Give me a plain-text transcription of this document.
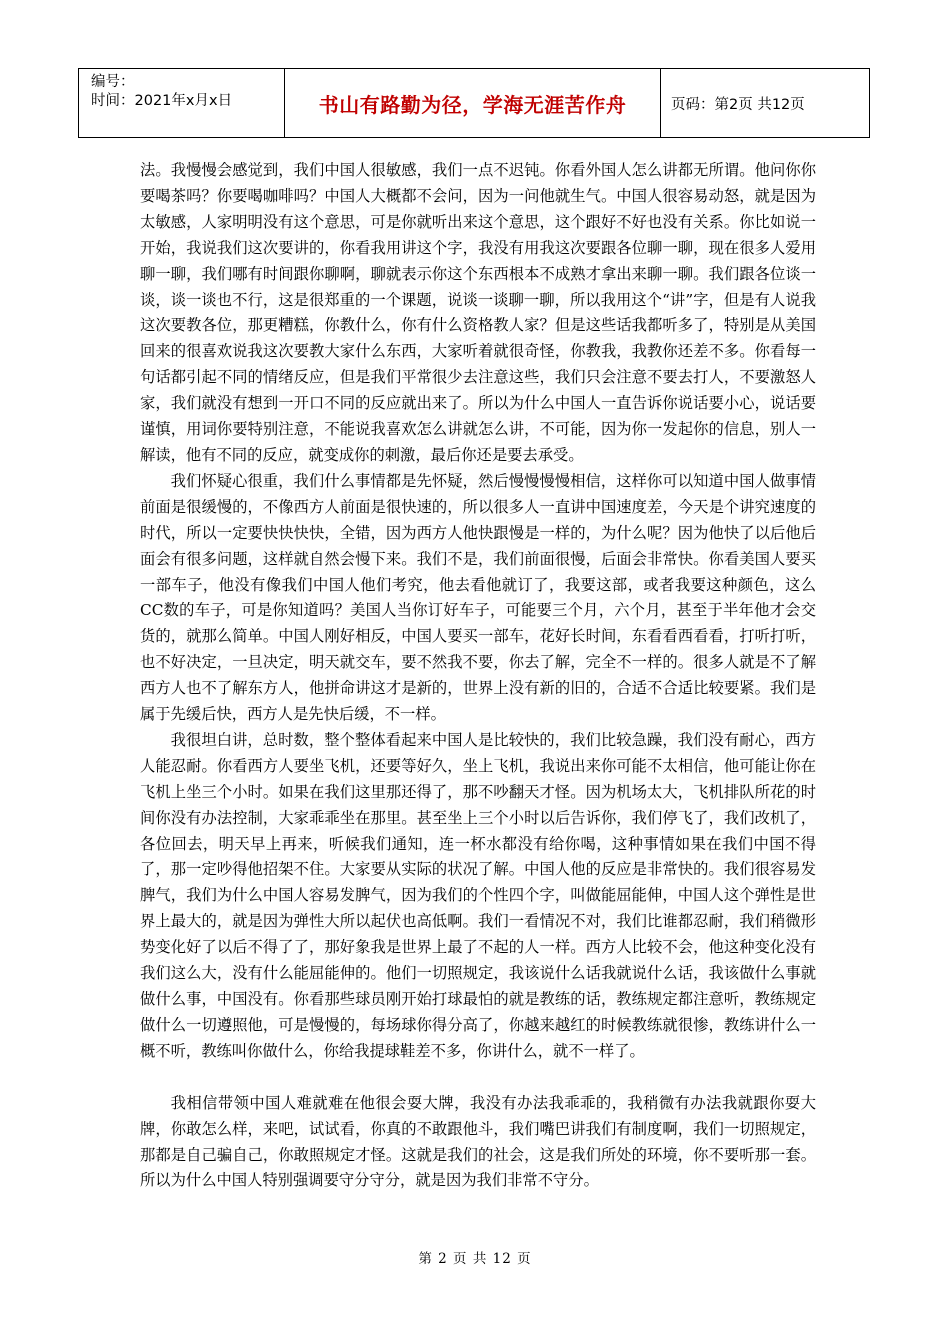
编号：
时间：2021年x月x日	书山有路勤为径，学海无涯苦作舟	页码：第2页 共12页

法。我慢慢会感觉到，我们中国人很敏感，我们一点不迟钝。你看外国人怎么讲都无所谓。他问你你要喝茶吗？你要喝咖啡吗？中国人大概都不会问，因为一问他就生气。中国人很容易动怒，就是因为太敏感，人家明明没有这个意思，可是你就听出来这个意思，这个跟好不好也没有关系。你比如说一开始，我说我们这次要讲的，你看我用讲这个字，我没有用我这次要跟各位聊一聊，现在很多人爱用聊一聊，我们哪有时间跟你聊啊，聊就表示你这个东西根本不成熟才拿出来聊一聊。我们跟各位谈一谈，谈一谈也不行，这是很郑重的一个课题，说谈一谈聊一聊，所以我用这个“讲”字，但是有人说我这次要教各位，那更糟糕，你教什么，你有什么资格教人家？但是这些话我都听多了，特别是从美国回来的很喜欢说我这次要教大家什么东西，大家听着就很奇怪，你教我，我教你还差不多。你看每一句话都引起不同的情绪反应，但是我们平常很少去注意这些，我们只会注意不要去打人，不要激怒人家，我们就没有想到一开口不同的反应就出来了。所以为什么中国人一直告诉你说话要小心，说话要谨慎，用词你要特别注意，不能说我喜欢怎么讲就怎么讲，不可能，因为你一发起你的信息，别人一解读，他有不同的反应，就变成你的刺激，最后你还是要去承受。

我们怀疑心很重，我们什么事情都是先怀疑，然后慢慢慢慢相信，这样你可以知道中国人做事情前面是很缓慢的，不像西方人前面是很快速的，所以很多人一直讲中国速度差，今天是个讲究速度的时代，所以一定要快快快快，全错，因为西方人他快跟慢是一样的，为什么呢？因为他快了以后他后面会有很多问题，这样就自然会慢下来。我们不是，我们前面很慢，后面会非常快。你看美国人要买一部车子，他没有像我们中国人他们考究，他去看他就订了，我要这部，或者我要这种颜色，这么CC数的车子，可是你知道吗？美国人当你订好车子，可能要三个月，六个月，甚至于半年他才会交货的，就那么简单。中国人刚好相反，中国人要买一部车，花好长时间，东看看西看看，打听打听，也不好决定，一旦决定，明天就交车，要不然我不要，你去了解，完全不一样的。很多人就是不了解西方人也不了解东方人，他拼命讲这才是新的，世界上没有新的旧的，合适不合适比较要紧。我们是属于先缓后快，西方人是先快后缓，不一样。

我很坦白讲，总时数，整个整体看起来中国人是比较快的，我们比较急躁，我们没有耐心，西方人能忍耐。你看西方人要坐飞机，还要等好久，坐上飞机，我说出来你可能不太相信，他可能让你在飞机上坐三个小时。如果在我们这里那还得了，那不吵翻天才怪。因为机场太大，飞机排队所花的时间你没有办法控制，大家乖乖坐在那里。甚至坐上三个小时以后告诉你，我们停飞了，我们改机了，各位回去，明天早上再来，听候我们通知，连一杯水都没有给你喝，这种事情如果在我们中国不得了，那一定吵得他招架不住。大家要从实际的状况了解。中国人他的反应是非常快的。我们很容易发脾气，我们为什么中国人容易发脾气，因为我们的个性四个字，叫做能屈能伸，中国人这个弹性是世界上最大的，就是因为弹性大所以起伏也高低啊。我们一看情况不对，我们比谁都忍耐，我们稍微形势变化好了以后不得了了，那好象我是世界上最了不起的人一样。西方人比较不会，他这种变化没有我们这么大，没有什么能屈能伸的。他们一切照规定，我该说什么话我就说什么话，我该做什么事就做什么事，中国没有。你看那些球员刚开始打球最怕的就是教练的话，教练规定都注意听，教练规定做什么一切遵照他，可是慢慢的，每场球你得分高了，你越来越红的时候教练就很惨，教练讲什么一概不听，教练叫你做什么，你给我提球鞋差不多，你讲什么，就不一样了。

我相信带领中国人难就难在他很会耍大牌，我没有办法我乖乖的，我稍微有办法我就跟你耍大牌，你敢怎么样，来吧，试试看，你真的不敢跟他斗，我们嘴巴讲我们有制度啊，我们一切照规定，那都是自己骗自己，你敢照规定才怪。这就是我们的社会，这是我们所处的环境，你不要听那一套。所以为什么中国人特别强调要守分守分，就是因为我们非常不守分。

第 2 页 共 12 页
